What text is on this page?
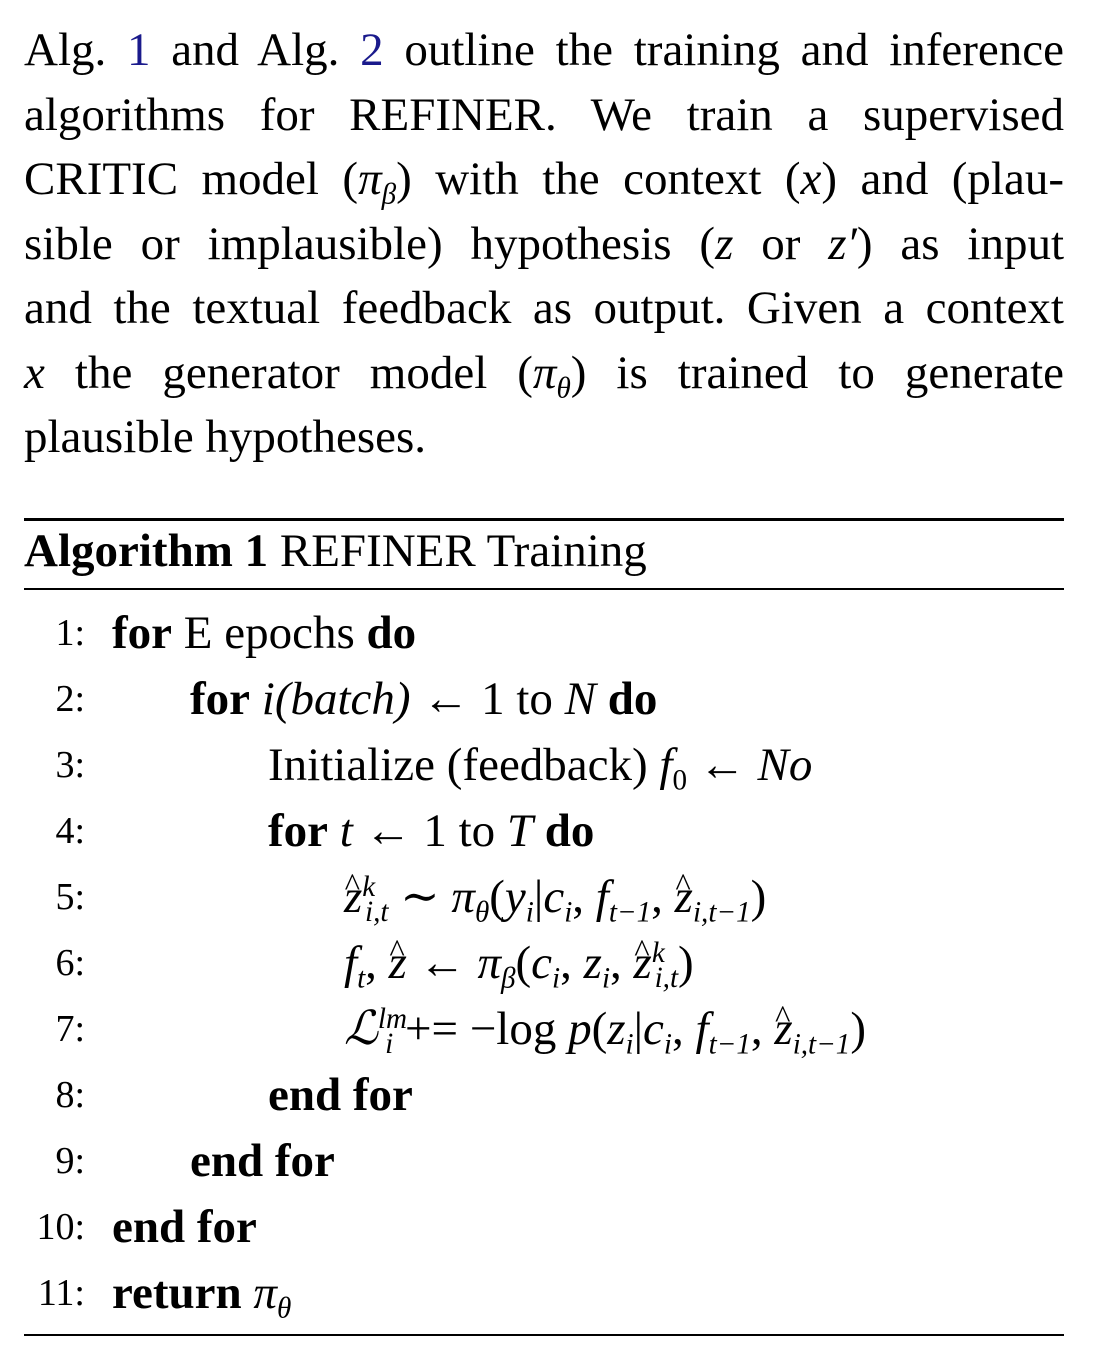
Alg. 1 and Alg. 2 outline the training and inference
algorithms for REFINER. We train a supervised
CRITIC model $(\pi_\beta)$ with the context (x) and (plau-
sible or implausible) hypothesis (z or z′) as input
and the textual feedback as output. Given a context
x the generator model $(\pi_\theta)$ is trained to generate
plausible hypotheses.
Algorithm 1 REFINER Training
1: for E epochs do
2: for i(batch) ← 1 to N do
3:	Initialize (feedback) $f_0$ ← No
4:	for t ← 1 to T do
5:	^ $z^k_{i,t}$ ∼ $\pi_\theta(y_i|c_i$, $f_{t-1}$, ^ $z_{i,t-1}$)
6:	$f_t$, ^ z ← $\pi_\beta(c_i$, $z_i$, ^ $z^k_{i,t}$)
7:	ℒ$^{lm}_i$ += −log $p(z_i|c_i$, $f_{t-1}$, ^ $z_{i,t-1}$)
8:	end for
9: end for
10: end for
11: return $\pi_\theta$
